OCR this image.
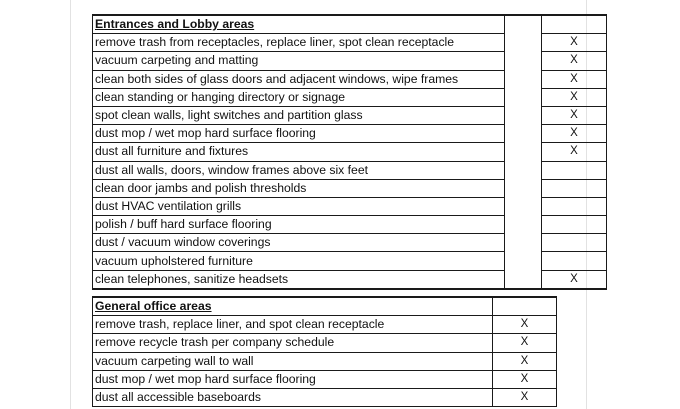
Entrances and Lobby areas		
remove trash from receptacles, replace liner, spot clean receptacle		X
vacuum carpeting and matting		X
clean both sides of glass doors and adjacent windows, wipe frames		X
clean standing or hanging directory or signage		X
spot clean walls, light switches and partition glass		X
dust mop / wet mop hard surface flooring		X
dust all furniture and fixtures		X
dust all walls, doors, window frames above six feet		
clean door jambs and polish thresholds		
dust HVAC ventilation grills		
polish / buff hard surface flooring		
dust / vacuum window coverings		
vacuum upholstered furniture		
clean telephones, sanitize headsets		X
General office areas	
remove trash, replace liner, and spot clean receptacle	X
remove recycle trash per company schedule	X
vacuum carpeting wall to wall	X
dust mop / wet mop hard surface flooring	X
dust all accessible baseboards	X
